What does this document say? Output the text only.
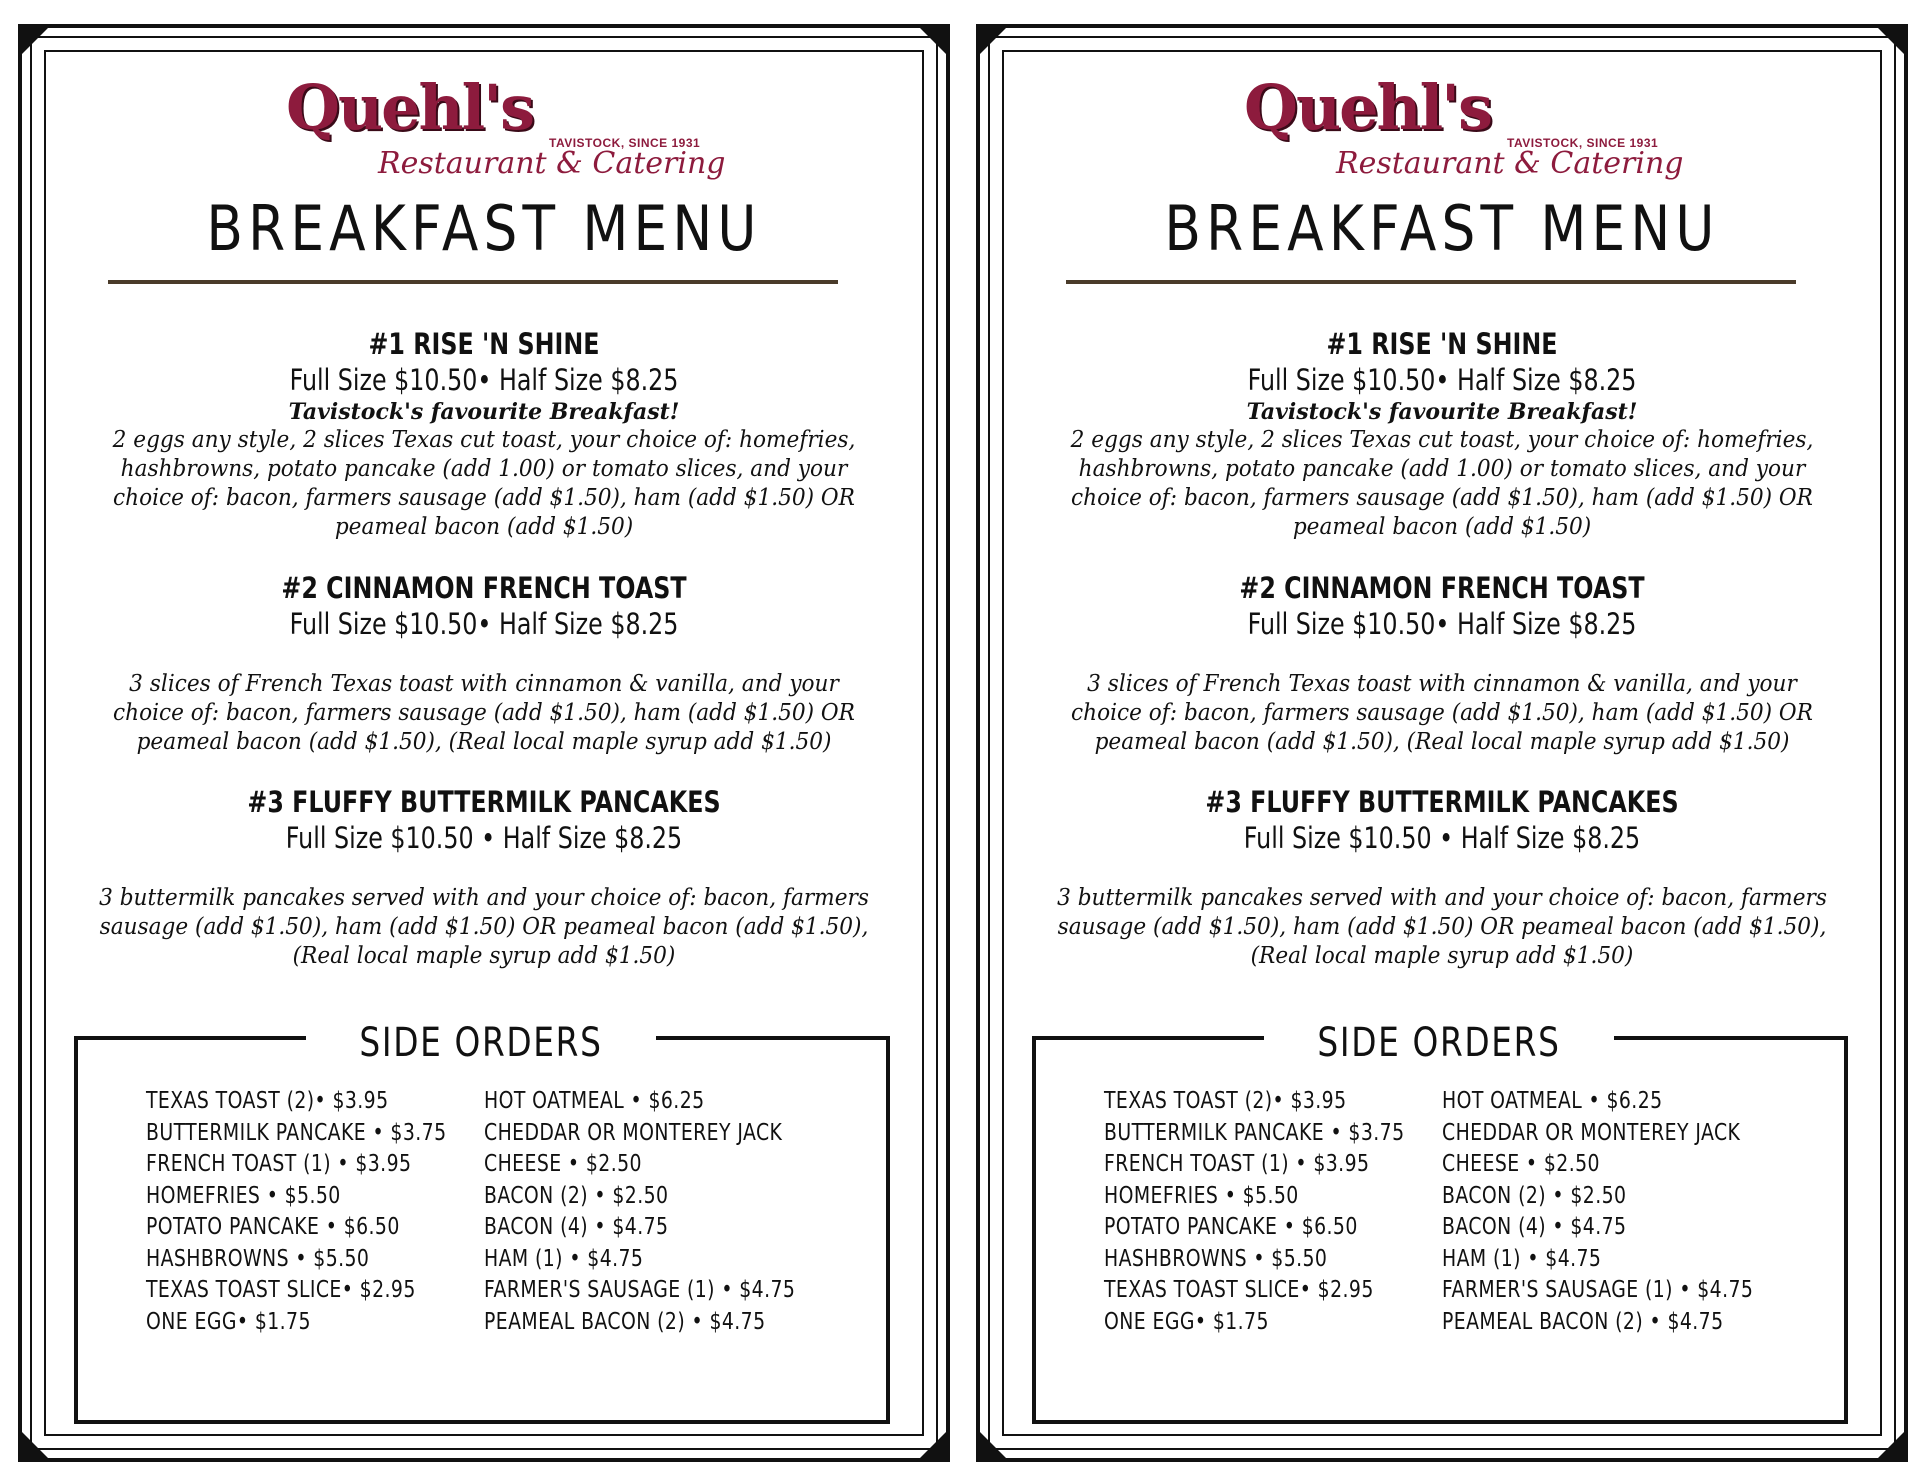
Quehl's TAVISTOCK, SINCE 1931
Restaurant & Catering
BREAKFAST MENU
#1 RISE 'N SHINE
Full Size $10.50• Half Size $8.25
Tavistock's favourite Breakfast!
2 eggs any style, 2 slices Texas cut toast, your choice of: homefries, hashbrowns, potato pancake (add 1.00) or tomato slices, and your choice of: bacon, farmers sausage (add $1.50), ham (add $1.50) OR peameal bacon (add $1.50)
#2 CINNAMON FRENCH TOAST
Full Size $10.50• Half Size $8.25
3 slices of French Texas toast with cinnamon & vanilla, and your choice of: bacon, farmers sausage (add $1.50), ham (add $1.50) OR peameal bacon (add $1.50), (Real local maple syrup add $1.50)
#3 FLUFFY BUTTERMILK PANCAKES
Full Size $10.50 • Half Size $8.25
3 buttermilk pancakes served with and your choice of: bacon, farmers sausage (add $1.50), ham (add $1.50) OR peameal bacon (add $1.50), (Real local maple syrup add $1.50)
SIDE ORDERS
TEXAS TOAST (2)• $3.95
BUTTERMILK PANCAKE • $3.75
FRENCH TOAST (1) • $3.95
HOMEFRIES • $5.50
POTATO PANCAKE • $6.50
HASHBROWNS • $5.50
TEXAS TOAST SLICE• $2.95
ONE EGG• $1.75
HOT OATMEAL • $6.25
CHEDDAR OR MONTEREY JACK
CHEESE • $2.50
BACON (2) • $2.50
BACON (4) • $4.75
HAM (1) • $4.75
FARMER'S SAUSAGE (1) • $4.75
PEAMEAL BACON (2) • $4.75
Quehl's TAVISTOCK, SINCE 1931
Restaurant & Catering
BREAKFAST MENU
#1 RISE 'N SHINE
Full Size $10.50• Half Size $8.25
Tavistock's favourite Breakfast!
2 eggs any style, 2 slices Texas cut toast, your choice of: homefries, hashbrowns, potato pancake (add 1.00) or tomato slices, and your choice of: bacon, farmers sausage (add $1.50), ham (add $1.50) OR peameal bacon (add $1.50)
#2 CINNAMON FRENCH TOAST
Full Size $10.50• Half Size $8.25
3 slices of French Texas toast with cinnamon & vanilla, and your choice of: bacon, farmers sausage (add $1.50), ham (add $1.50) OR peameal bacon (add $1.50), (Real local maple syrup add $1.50)
#3 FLUFFY BUTTERMILK PANCAKES
Full Size $10.50 • Half Size $8.25
3 buttermilk pancakes served with and your choice of: bacon, farmers sausage (add $1.50), ham (add $1.50) OR peameal bacon (add $1.50), (Real local maple syrup add $1.50)
SIDE ORDERS
TEXAS TOAST (2)• $3.95
BUTTERMILK PANCAKE • $3.75
FRENCH TOAST (1) • $3.95
HOMEFRIES • $5.50
POTATO PANCAKE • $6.50
HASHBROWNS • $5.50
TEXAS TOAST SLICE• $2.95
ONE EGG• $1.75
HOT OATMEAL • $6.25
CHEDDAR OR MONTEREY JACK
CHEESE • $2.50
BACON (2) • $2.50
BACON (4) • $4.75
HAM (1) • $4.75
FARMER'S SAUSAGE (1) • $4.75
PEAMEAL BACON (2) • $4.75
